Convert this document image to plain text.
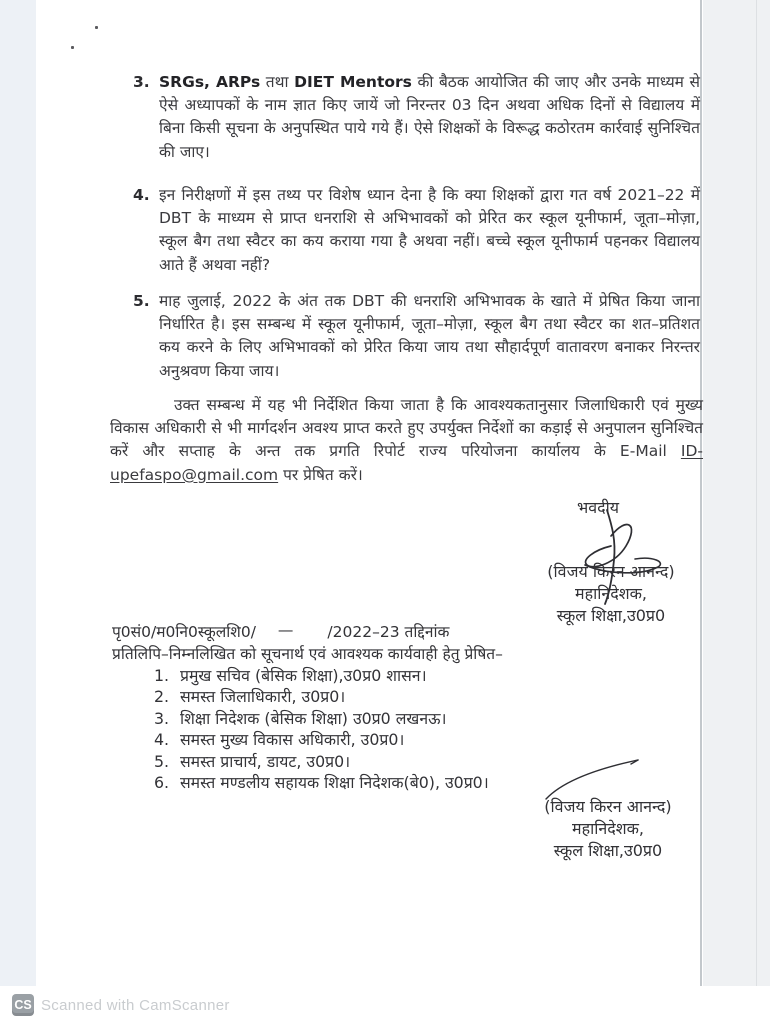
3. SRGs, ARPs तथा DIET Mentors की बैठक आयोजित की जाए और उनके माध्यम से ऐसे अध्यापकों के नाम ज्ञात किए जायें जो निरन्तर 03 दिन अथवा अधिक दिनों से विद्यालय में बिना किसी सूचना के अनुपस्थित पाये गये हैं। ऐसे शिक्षकों के विरूद्ध कठोरतम कार्रवाई सुनिश्चित की जाए।
4. इन निरीक्षणों में इस तथ्य पर विशेष ध्यान देना है कि क्या शिक्षकों द्वारा गत वर्ष 2021–22 में DBT के माध्यम से प्राप्त धनराशि से अभिभावकों को प्रेरित कर स्कूल यूनीफार्म, जूता–मोज़ा, स्कूल बैग तथा स्वैटर का कय कराया गया है अथवा नहीं। बच्चे स्कूल यूनीफार्म पहनकर विद्यालय आते हैं अथवा नहीं?
5. माह जुलाई, 2022 के अंत तक DBT की धनराशि अभिभावक के खाते में प्रेषित किया जाना निर्धारित है। इस सम्बन्ध में स्कूल यूनीफार्म, जूता–मोज़ा, स्कूल बैग तथा स्वैटर का शत–प्रतिशत कय करने के लिए अभिभावकों को प्रेरित किया जाय तथा सौहार्दपूर्ण वातावरण बनाकर निरन्तर अनुश्रवण किया जाय।
उक्त सम्बन्ध में यह भी निर्देशित किया जाता है कि आवश्यकतानुसार जिलाधिकारी एवं मुख्य विकास अधिकारी से भी मार्गदर्शन अवश्य प्राप्त करते हुए उपर्युक्त निर्देशों का कड़ाई से अनुपालन सुनिश्चित करें और सप्ताह के अन्त तक प्रगति रिपोर्ट राज्य परियोजना कार्यालय के E-Mail ID-upefaspo@gmail.com पर प्रेषित करें।
भवदीय
(विजय किरन आनन्द)
महानिदेशक,
स्कूल शिक्षा,उ0प्र0
पृ0सं0/म0नि0स्कूलशि0/ — /2022–23 तद्दिनांक
प्रतिलिपि–निम्नलिखित को सूचनार्थ एवं आवश्यक कार्यवाही हेतु प्रेषित–
1. प्रमुख सचिव (बेसिक शिक्षा),उ0प्र0 शासन।
2. समस्त जिलाधिकारी, उ0प्र0।
3. शिक्षा निदेशक (बेसिक शिक्षा) उ0प्र0 लखनऊ।
4. समस्त मुख्य विकास अधिकारी, उ0प्र0।
5. समस्त प्राचार्य, डायट, उ0प्र0।
6. समस्त मण्डलीय सहायक शिक्षा निदेशक(बे0), उ0प्र0।
(विजय किरन आनन्द)
महानिदेशक,
स्कूल शिक्षा,उ0प्र0
CS Scanned with CamScanner
